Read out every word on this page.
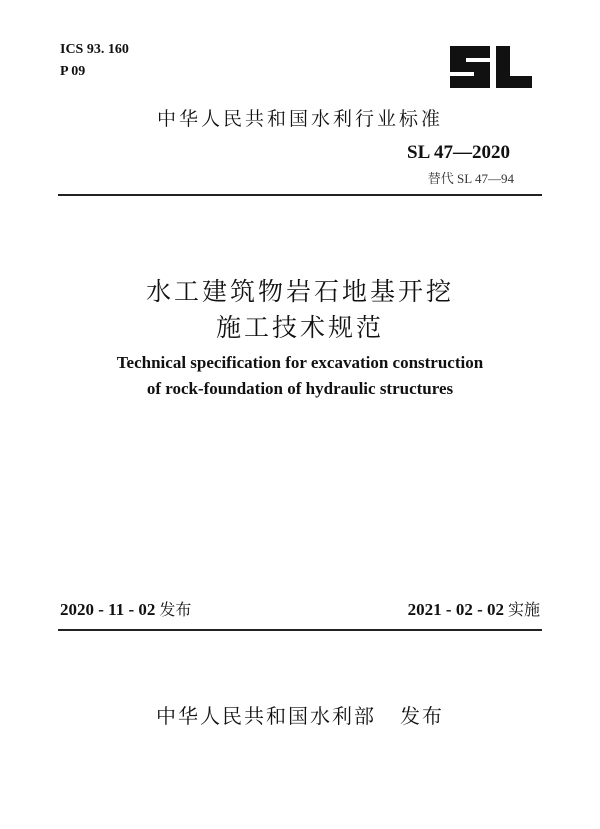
ICS 93. 160
P 09
中华人民共和国水利行业标准
SL 47—2020
替代 SL 47—94
水工建筑物岩石地基开挖
施工技术规范
Technical specification for excavation construction
of rock-foundation of hydraulic structures
2020 - 11 - 02 发布	2021 - 02 - 02 实施
中华人民共和国水利部 发布
